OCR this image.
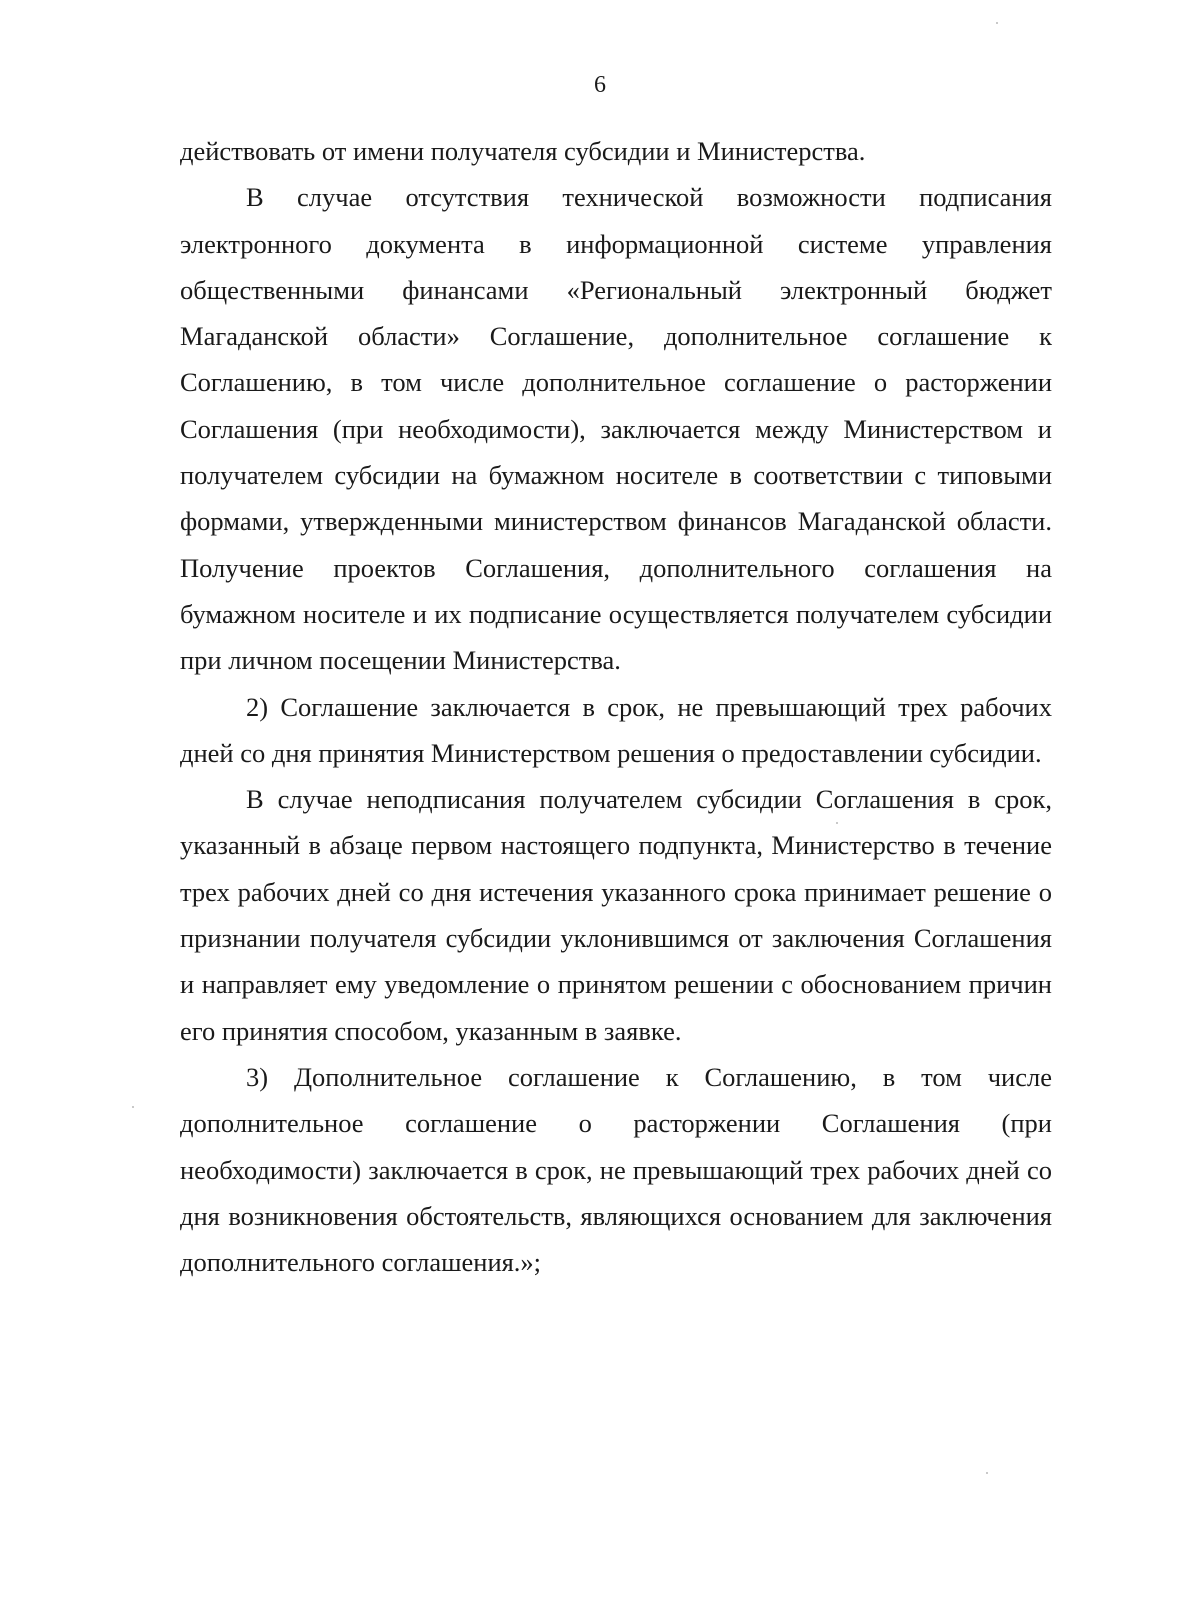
6

действовать от имени получателя субсидии и Министерства.

В случае отсутствия технической возможности подписания электронного документа в информационной системе управления общественными финансами «Региональный электронный бюджет Магаданской области» Соглашение, дополнительное соглашение к Соглашению, в том числе дополнительное соглашение о расторжении Соглашения (при необходимости), заключается между Министерством и получателем субсидии на бумажном носителе в соответствии с типовыми формами, утвержденными министерством финансов Магаданской области. Получение проектов Соглашения, дополнительного соглашения на бумажном носителе и их подписание осуществляется получателем субсидии при личном посещении Министерства.

2) Соглашение заключается в срок, не превышающий трех рабочих дней со дня принятия Министерством решения о предоставлении субсидии.

В случае неподписания получателем субсидии Соглашения в срок, указанный в абзаце первом настоящего подпункта, Министерство в течение трех рабочих дней со дня истечения указанного срока принимает решение о признании получателя субсидии уклонившимся от заключения Соглашения и направляет ему уведомление о принятом решении с обоснованием причин его принятия способом, указанным в заявке.

3) Дополнительное соглашение к Соглашению, в том числе дополнительное соглашение о расторжении Соглашения (при необходимости) заключается в срок, не превышающий трех рабочих дней со дня возникновения обстоятельств, являющихся основанием для заключения дополнительного соглашения.»;
